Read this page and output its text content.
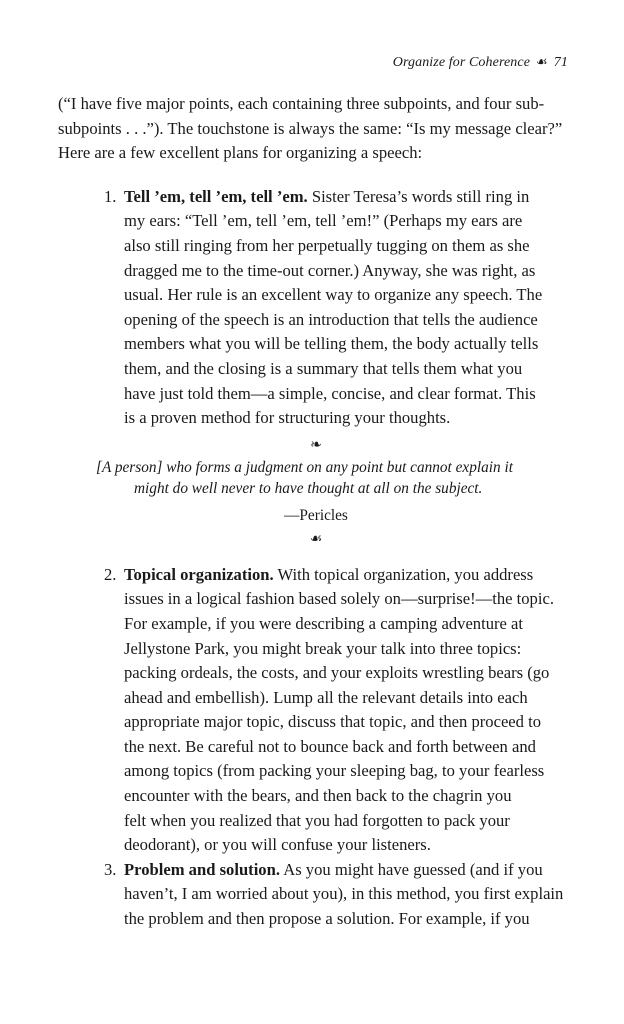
Organize for Coherence ☙ 71

(“I have five major points, each containing three subpoints, and four sub-
subpoints . . .”). The touchstone is always the same: “Is my message clear?”
Here are a few excellent plans for organizing a speech:

1. Tell ’em, tell ’em, tell ’em. Sister Teresa’s words still ring in
my ears: “Tell ’em, tell ’em, tell ’em!” (Perhaps my ears are
also still ringing from her perpetually tugging on them as she
dragged me to the time-out corner.) Anyway, she was right, as
usual. Her rule is an excellent way to organize any speech. The
opening of the speech is an introduction that tells the audience
members what you will be telling them, the body actually tells
them, and the closing is a summary that tells them what you
have just told them—a simple, concise, and clear format. This
is a proven method for structuring your thoughts.
❧
[A person] who forms a judgment on any point but cannot explain it
might do well never to have thought at all on the subject.
—Pericles
☙
2. Topical organization. With topical organization, you address
issues in a logical fashion based solely on—surprise!—the topic.
For example, if you were describing a camping adventure at
Jellystone Park, you might break your talk into three topics:
packing ordeals, the costs, and your exploits wrestling bears (go
ahead and embellish). Lump all the relevant details into each
appropriate major topic, discuss that topic, and then proceed to
the next. Be careful not to bounce back and forth between and
among topics (from packing your sleeping bag, to your fearless
encounter with the bears, and then back to the chagrin you
felt when you realized that you had forgotten to pack your
deodorant), or you will confuse your listeners.
3. Problem and solution. As you might have guessed (and if you
haven’t, I am worried about you), in this method, you first explain
the problem and then propose a solution. For example, if you
